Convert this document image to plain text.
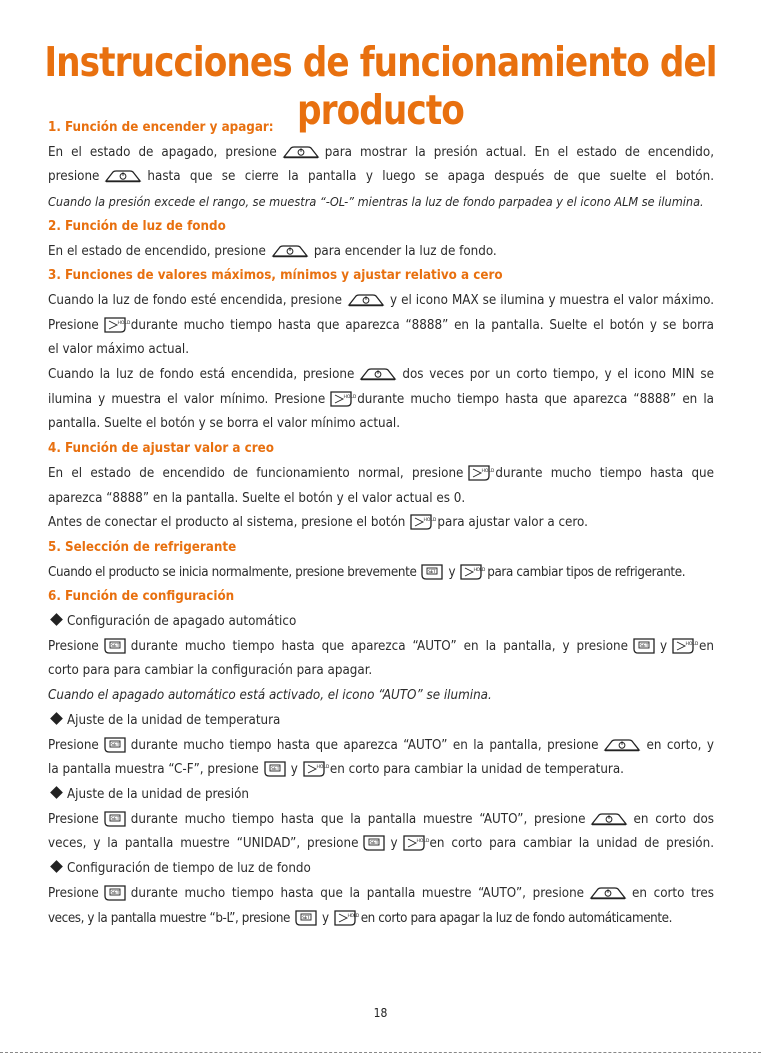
Instrucciones de funcionamiento del producto

1. Función de encender y apagar:

En el estado de apagado, presione	para mostrar la presión actual. En el estado de encendido,

presione	hasta que se cierre la pantalla y luego se apaga después de que suelte el botón.

Cuando la presión excede el rango, se muestra “-OL-” mientras la luz de fondo parpadea y el icono ALM se ilumina.

2. Función de luz de fondo

En el estado de encendido, presione	para encender la luz de fondo.

3. Funciones de valores máximos, mínimos y ajustar relativo a cero

Cuando la luz de fondo esté encendida, presione	y el icono MAX se ilumina y muestra el valor máximo.

Presione	HOLD durante mucho tiempo hasta que aparezca “8888” en la pantalla. Suelte el botón y se borra

el valor máximo actual.

Cuando la luz de fondo está encendida, presione	dos veces por un corto tiempo, y el icono MIN se

ilumina y muestra el valor mínimo. Presione	HOLD durante mucho tiempo hasta que aparezca “8888” en la

pantalla. Suelte el botón y se borra el valor mínimo actual.

4. Función de ajustar valor a creo

En el estado de encendido de funcionamiento normal, presione	HOLD durante mucho tiempo hasta que

aparezca “8888” en la pantalla. Suelte el botón y el valor actual es 0.

Antes de conectar el producto al sistema, presione el botón	HOLD para ajustar valor a cero.

5. Selección de refrigerante

Cuando el producto se inicia normalmente, presione brevemente	SET y	HOLD para cambiar tipos de refrigerante.

6. Función de configuración

Configuración de apagado automático

Presione	SET durante mucho tiempo hasta que aparezca “AUTO” en la pantalla, y presione	SET y	HOLD en

corto para para cambiar la configuración para apagar.

Cuando el apagado automático está activado, el icono “AUTO” se ilumina.

Ajuste de la unidad de temperatura

Presione	SET durante mucho tiempo hasta que aparezca “AUTO” en la pantalla, presione	en corto, y

la pantalla muestra “C-F”, presione	SET y	HOLD en corto para cambiar la unidad de temperatura.

Ajuste de la unidad de presión

Presione	SET durante mucho tiempo hasta que la pantalla muestre “AUTO”, presione	en corto dos

veces, y la pantalla muestre “UNIDAD”, presione	SET y	HOLD en corto para cambiar la unidad de presión.

Configuración de tiempo de luz de fondo

Presione	SET durante mucho tiempo hasta que la pantalla muestre “AUTO”, presione	en corto tres

veces, y la pantalla muestre “b-L”, presione	SET y	HOLD en corto para apagar la luz de fondo automáticamente.

18
